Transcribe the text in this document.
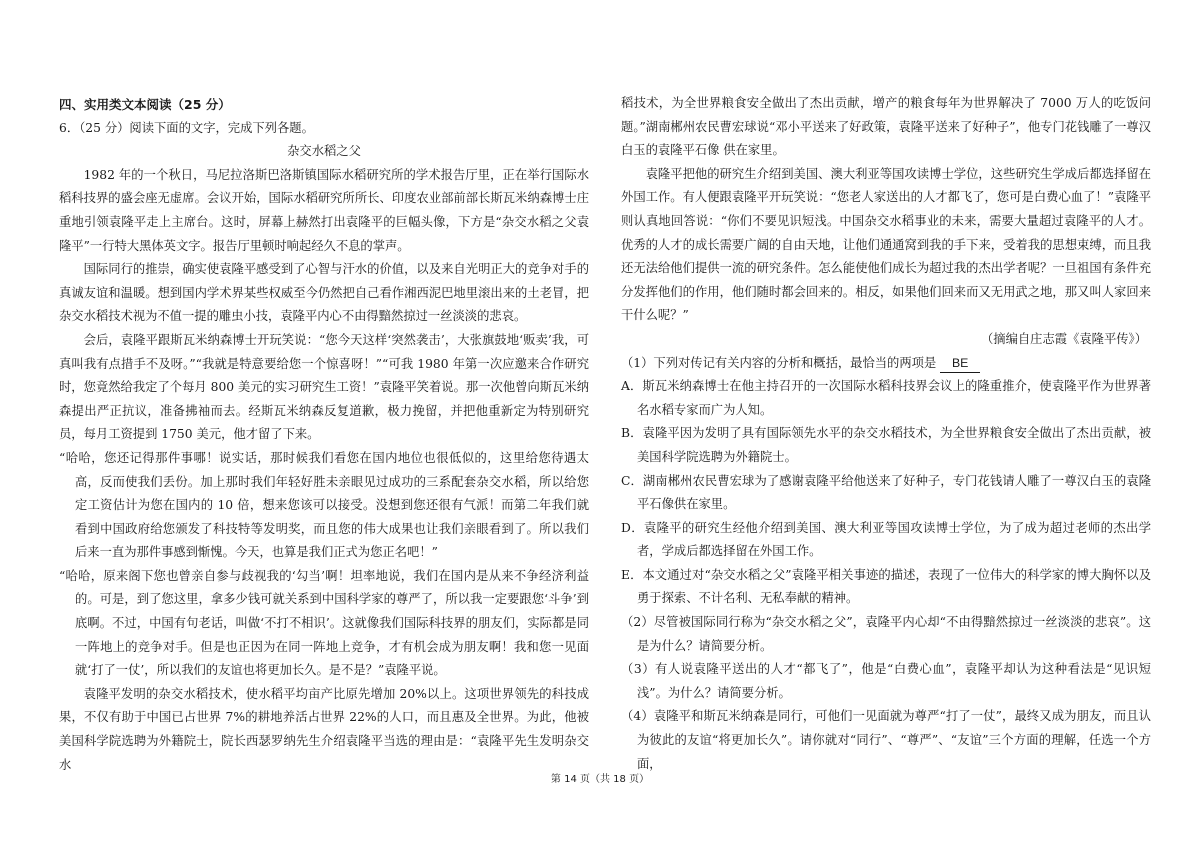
四、实用类文本阅读（25 分）

6．（25 分）阅读下面的文字，完成下列各题。

杂交水稻之父

1982 年的一个秋日，马尼拉洛斯巴洛斯镇国际水稻研究所的学术报告厅里，正在举行国际水稻科技界的盛会座无虚席。会议开始，国际水稻研究所所长、印度农业部前部长斯瓦米纳森博士庄重地引领袁隆平走上主席台。这时，屏幕上赫然打出袁隆平的巨幅头像，下方是“杂交水稻之父袁隆平”一行特大黑体英文字。报告厅里顿时响起经久不息的掌声。

国际同行的推崇，确实使袁隆平感受到了心智与汗水的价值，以及来自光明正大的竞争对手的真诚友谊和温暖。想到国内学术界某些权威至今仍然把自己看作湘西泥巴地里滚出来的土老冒，把杂交水稻技术视为不值一提的雕虫小技，袁隆平内心不由得黯然掠过一丝淡淡的悲哀。

会后，袁隆平跟斯瓦米纳森博士开玩笑说：“您今天这样‘突然袭击’，大张旗鼓地‘贩卖’我，可真叫我有点措手不及呀。”“我就是特意要给您一个惊喜呀！”“可我 1980 年第一次应邀来合作研究时，您竟然给我定了个每月 800 美元的实习研究生工资！”袁隆平笑着说。那一次他曾向斯瓦米纳森提出严正抗议，准备拂袖而去。经斯瓦米纳森反复道歉，极力挽留，并把他重新定为特别研究员，每月工资提到 1750 美元，他才留了下来。

“哈哈，您还记得那件事哪！说实话，那时候我们看您在国内地位也很低似的，这里给您待遇太高，反而使我们丢份。加上那时我们年轻好胜未亲眼见过成功的三系配套杂交水稻，所以给您定工资估计为您在国内的 10 倍，想来您该可以接受。没想到您还很有气派！而第二年我们就看到中国政府给您颁发了科技特等发明奖，而且您的伟大成果也让我们亲眼看到了。所以我们后来一直为那件事感到惭愧。今天，也算是我们正式为您正名吧！”

“哈哈，原来阁下您也曾亲自参与歧视我的‘勾当’啊！坦率地说，我们在国内是从来不争经济利益的。可是，到了您这里，拿多少钱可就关系到中国科学家的尊严了，所以我一定要跟您‘斗争’到底啊。不过，中国有句老话，叫做‘不打不相识’。这就像我们国际科技界的朋友们，实际都是同一阵地上的竞争对手。但是也正因为在同一阵地上竞争，才有机会成为朋友啊！我和您一见面就‘打了一仗’，所以我们的友谊也将更加长久。是不是？”袁隆平说。

袁隆平发明的杂交水稻技术，使水稻平均亩产比原先增加 20%以上。这项世界领先的科技成果，不仅有助于中国已占世界 7%的耕地养活占世界 22%的人口，而且惠及全世界。为此，他被美国科学院选聘为外籍院士，院长西瑟罗纳先生介绍袁隆平当选的理由是：“袁隆平先生发明杂交水

稻技术，为全世界粮食安全做出了杰出贡献，增产的粮食每年为世界解决了 7000 万人的吃饭问题。”湖南郴州农民曹宏球说“邓小平送来了好政策，袁隆平送来了好种子”，他专门花钱雕了一尊汉白玉的袁隆平石像 供在家里。

袁隆平把他的研究生介绍到美国、澳大利亚等国攻读博士学位，这些研究生学成后都选择留在外国工作。有人便跟袁隆平开玩笑说：“您老人家送出的人才都飞了，您可是白费心血了！”袁隆平则认真地回答说：“你们不要见识短浅。中国杂交水稻事业的未来，需要大量超过袁隆平的人才。优秀的人才的成长需要广阔的自由天地，让他们通通窝到我的手下来，受着我的思想束缚，而且我还无法给他们提供一流的研究条件。怎么能使他们成长为超过我的杰出学者呢？一旦祖国有条件充分发挥他们的作用，他们随时都会回来的。相反，如果他们回来而又无用武之地，那又叫人家回来干什么呢？”

（摘编自庄志霞《袁隆平传》）

（1）下列对传记有关内容的分析和概括，最恰当的两项是 BE

A．斯瓦米纳森博士在他主持召开的一次国际水稻科技界会议上的隆重推介，使袁隆平作为世界著名水稻专家而广为人知。

B．袁隆平因为发明了具有国际领先水平的杂交水稻技术，为全世界粮食安全做出了杰出贡献，被美国科学院选聘为外籍院士。

C．湖南郴州农民曹宏球为了感谢袁隆平给他送来了好种子，专门花钱请人雕了一尊汉白玉的袁隆平石像供在家里。

D．袁隆平的研究生经他介绍到美国、澳大利亚等国攻读博士学位，为了成为超过老师的杰出学者，学成后都选择留在外国工作。

E．本文通过对“杂交水稻之父”袁隆平相关事迹的描述，表现了一位伟大的科学家的博大胸怀以及勇于探索、不计名利、无私奉献的精神。

（2）尽管被国际同行称为“杂交水稻之父”，袁隆平内心却“不由得黯然掠过一丝淡淡的悲哀”。这是为什么？请简要分析。

（3）有人说袁隆平送出的人才“都飞了”，他是“白费心血”，袁隆平却认为这种看法是“见识短浅”。为什么？请简要分析。

（4）袁隆平和斯瓦米纳森是同行，可他们一见面就为尊严“打了一仗”，最终又成为朋友，而且认为彼此的友谊“将更加长久”。请你就对“同行”、“尊严”、“友谊”三个方面的理解，任选一个方面，

第 14 页（共 18 页）
